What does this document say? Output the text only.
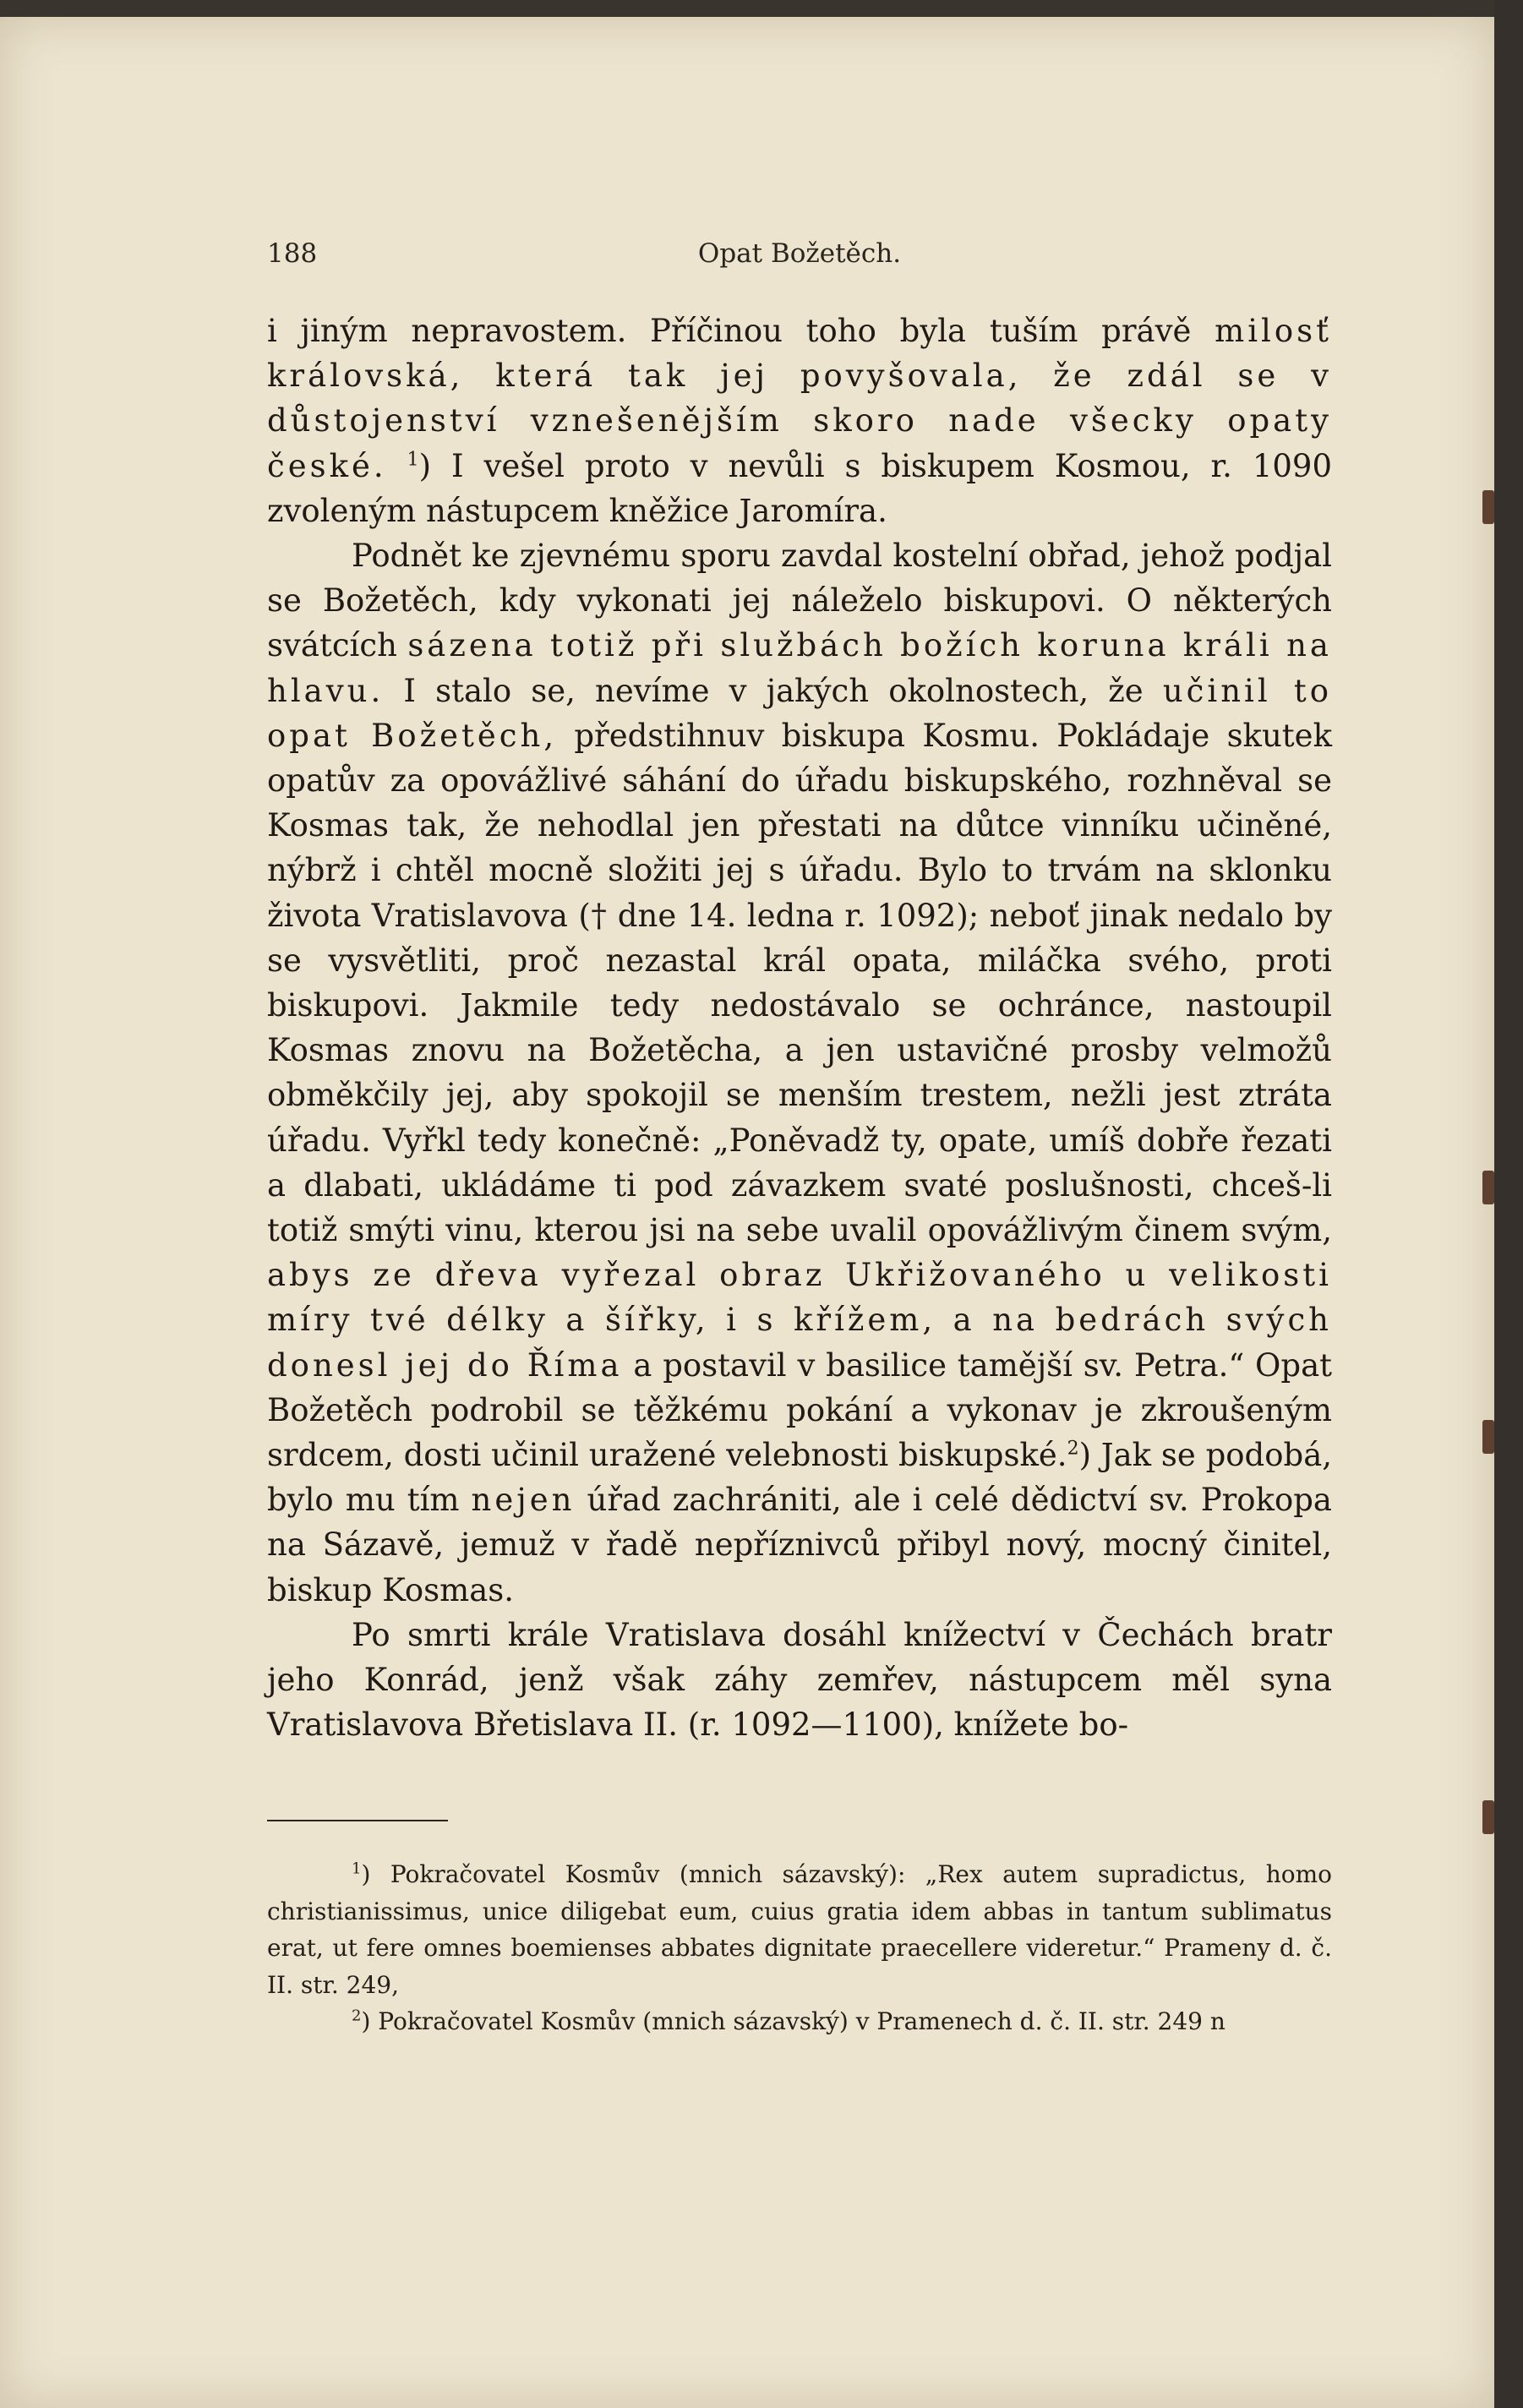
188	Opat Božetěch.

i jiným nepravostem. Příčinou toho byla tuším právě milosť královská, která tak jej povyšovala, že zdál se v důstojenství vznešenějším skoro nade všecky opaty české. $^1$) I vešel proto v nevůli s biskupem Kosmou, r. 1090 zvoleným nástupcem kněžice Jaromíra.

Podnět ke zjevnému sporu zavdal kostelní obřad, jehož podjal se Božetěch, kdy vykonati jej náleželo biskupovi. O některých svátcích sázena totiž při službách božích koruna králi na hlavu. I stalo se, nevíme v jakých okolnostech, že učinil to opat Božetěch, předstihnuv biskupa Kosmu. Pokládaje skutek opatův za opovážlivé sáhání do úřadu biskupského, rozhněval se Kosmas tak, že nehodlal jen přestati na důtce vinníku učiněné, nýbrž i chtěl mocně složiti jej s úřadu. Bylo to trvám na sklonku života Vratislavova († dne 14. ledna r. 1092); neboť jinak nedalo by se vysvětliti, proč nezastal král opata, miláčka svého, proti biskupovi. Jakmile tedy nedostávalo se ochránce, nastoupil Kosmas znovu na Božetěcha, a jen ustavičné prosby velmožů obměkčily jej, aby spokojil se menším trestem, nežli jest ztráta úřadu. Vyřkl tedy konečně: „Poněvadž ty, opate, umíš dobře řezati a dlabati, ukládáme ti pod závazkem svaté poslušnosti, chceš-li totiž smýti vinu, kterou jsi na sebe uvalil opovážlivým činem svým, abys ze dřeva vyřezal obraz Ukřižovaného u velikosti míry tvé délky a šířky, i s křížem, a na bedrách svých donesl jej do Říma a postavil v basilice tamější sv. Petra.“ Opat Božetěch podrobil se těžkému pokání a vykonav je zkroušeným srdcem, dosti učinil uražené velebnosti biskupské.$^2$) Jak se podobá, bylo mu tím nejen úřad zachrániti, ale i celé dědictví sv. Prokopa na Sázavě, jemuž v řadě nepříznivců přibyl nový, mocný činitel, biskup Kosmas.

Po smrti krále Vratislava dosáhl knížectví v Čechách bratr jeho Konrád, jenž však záhy zemřev, nástupcem měl syna Vratislavova Břetislava II. (r. 1092—1100), knížete bo-

$^1$) Pokračovatel Kosmův (mnich sázavský): „Rex autem supradictus, homo christianissimus, unice diligebat eum, cuius gratia idem abbas in tantum sublimatus erat, ut fere omnes boemienses abbates dignitate praecellere videretur.“ Prameny d. č. II. str. 249,

$^2$) Pokračovatel Kosmův (mnich sázavský) v Pramenech d. č. II. str. 249 n
